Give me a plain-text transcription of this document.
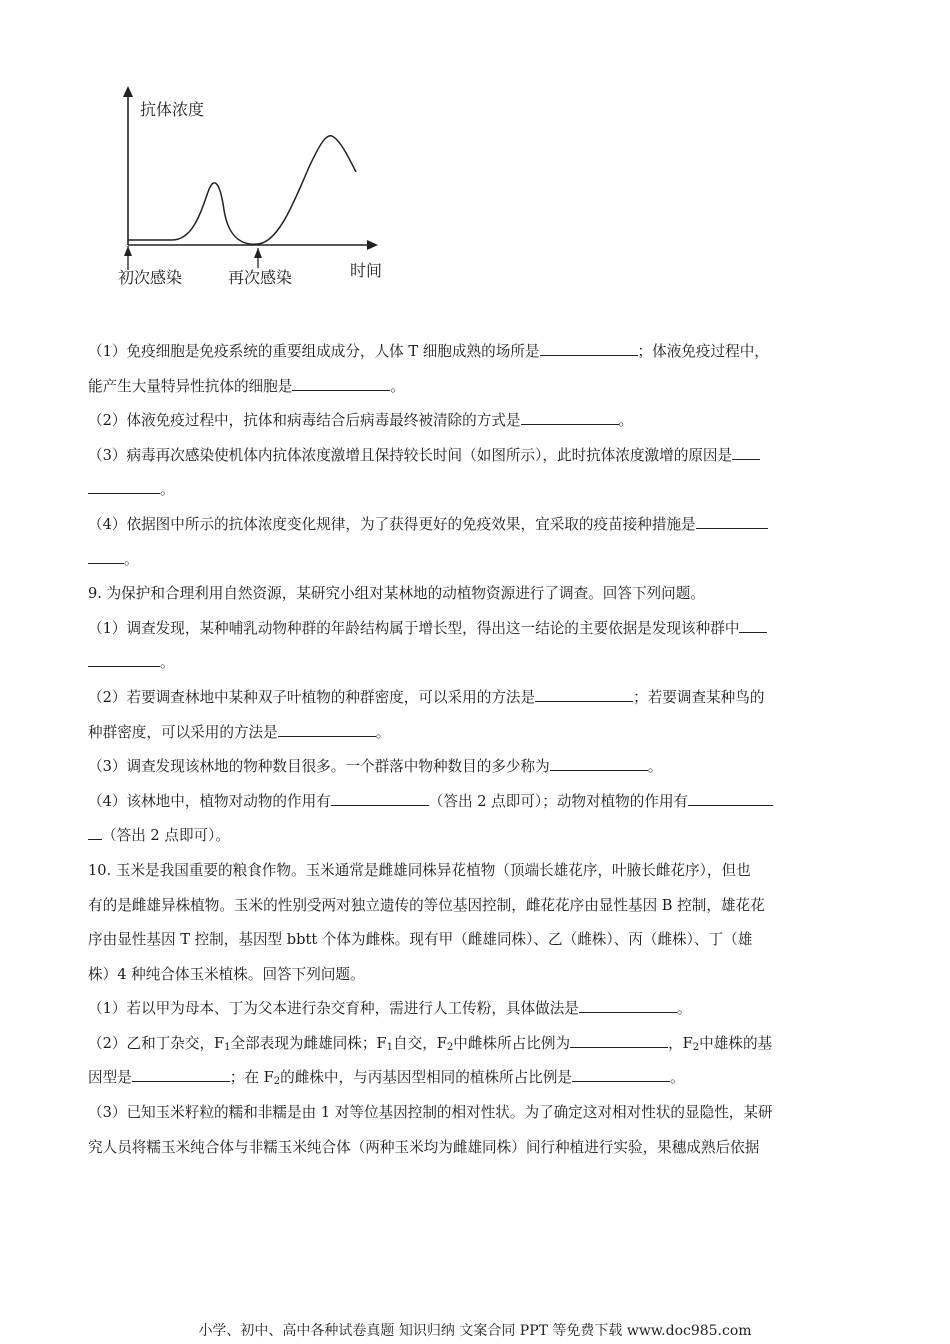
抗体浓度
时间
初次感染	再次感染
（1）免疫细胞是免疫系统的重要组成成分，人体 T 细胞成熟的场所是	；体液免疫过程中，
能产生大量特异性抗体的细胞是	。
（2）体液免疫过程中，抗体和病毒结合后病毒最终被清除的方式是	。
（3）病毒再次感染使机体内抗体浓度激增且保持较长时间（如图所示），此时抗体浓度激增的原因是
。
（4）依据图中所示的抗体浓度变化规律，为了获得更好的免疫效果，宜采取的疫苗接种措施是
。
9. 为保护和合理利用自然资源，某研究小组对某林地的动植物资源进行了调查。回答下列问题。
（1）调查发现，某种哺乳动物种群的年龄结构属于增长型，得出这一结论的主要依据是发现该种群中
。
（2）若要调查林地中某种双子叶植物的种群密度，可以采用的方法是	；若要调查某种鸟的
种群密度，可以采用的方法是	。
（3）调查发现该林地的物种数目很多。一个群落中物种数目的多少称为	。
（4）该林地中，植物对动物的作用有	（答出 2 点即可）；动物对植物的作用有
（答出 2 点即可）。
10. 玉米是我国重要的粮食作物。玉米通常是雌雄同株异花植物（顶端长雄花序，叶腋长雌花序），但也
有的是雌雄异株植物。玉米的性别受两对独立遗传的等位基因控制，雌花花序由显性基因 B 控制，雄花花
序由显性基因 T 控制，基因型 bbtt 个体为雌株。现有甲（雌雄同株）、乙（雌株）、丙（雌株）、丁（雄
株）4 种纯合体玉米植株。回答下列问题。
（1）若以甲为母本、丁为父本进行杂交育种，需进行人工传粉，具体做法是	。
（2）乙和丁杂交，$F_1$全部表现为雌雄同株；$F_1$自交，$F_2$中雌株所占比例为	，$F_2$中雄株的基
因型是	；在 $F_2$的雌株中，与丙基因型相同的植株所占比例是	。
（3）已知玉米籽粒的糯和非糯是由 1 对等位基因控制的相对性状。为了确定这对相对性状的显隐性，某研
究人员将糯玉米纯合体与非糯玉米纯合体（两种玉米均为雌雄同株）间行种植进行实验，果穗成熟后依据
小学、初中、高中各种试卷真题 知识归纳 文案合同 PPT 等免费下载 www.doc985.com
